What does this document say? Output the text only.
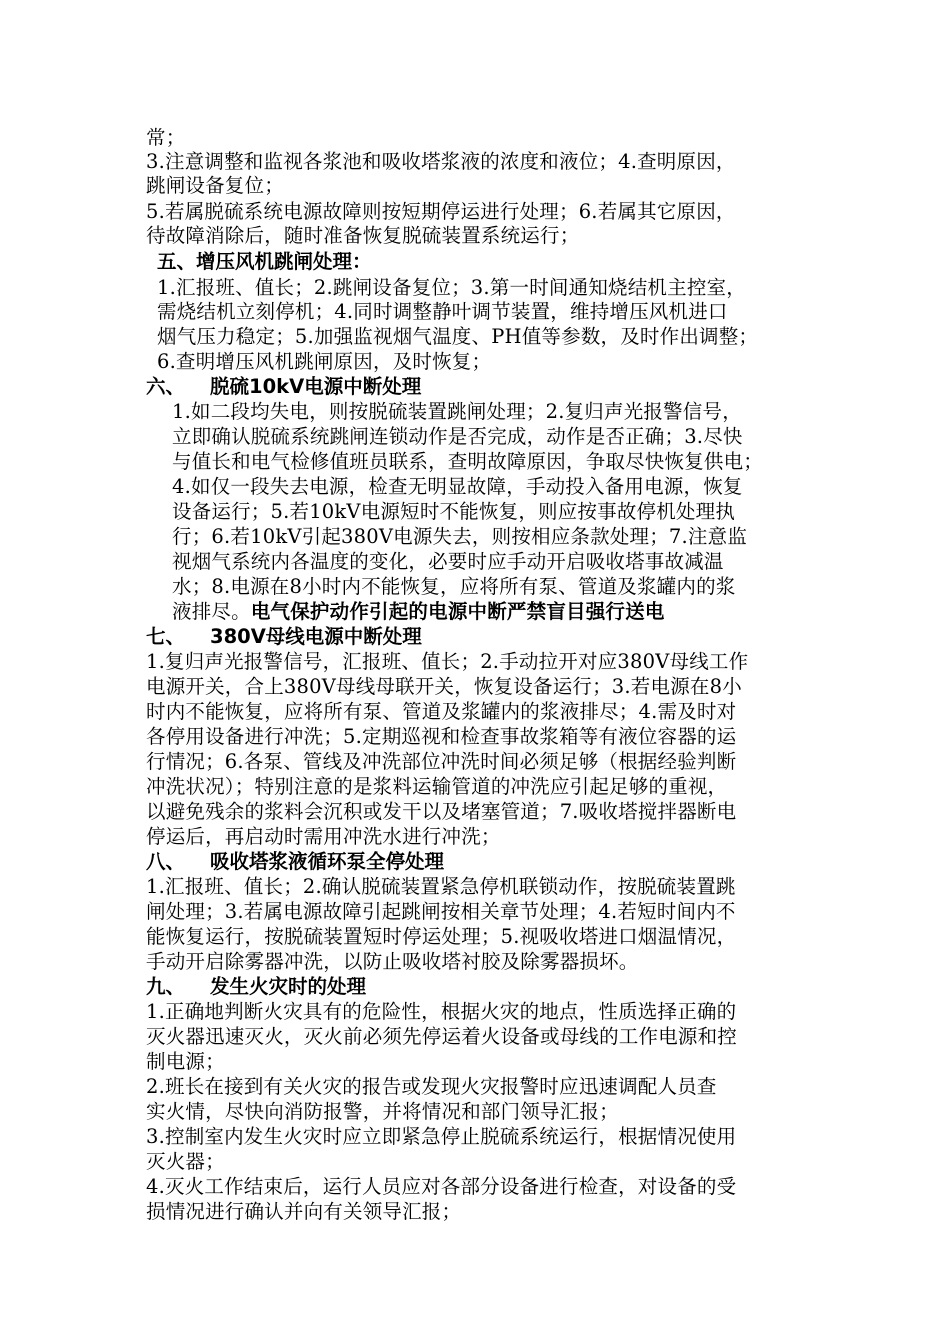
常；
3.注意调整和监视各浆池和吸收塔浆液的浓度和液位；4.查明原因，
跳闸设备复位；
5.若属脱硫系统电源故障则按短期停运进行处理；6.若属其它原因，
待故障消除后，随时准备恢复脱硫装置系统运行；
五、增压风机跳闸处理：
1.汇报班、值长；2.跳闸设备复位；3.第一时间通知烧结机主控室，
需烧结机立刻停机；4.同时调整静叶调节装置，维持增压风机进口
烟气压力稳定；5.加强监视烟气温度、PH值等参数，及时作出调整；
6.查明增压风机跳闸原因，及时恢复；
六、 脱硫10kV电源中断处理
1.如二段均失电，则按脱硫装置跳闸处理；2.复归声光报警信号，
立即确认脱硫系统跳闸连锁动作是否完成，动作是否正确；3.尽快
与值长和电气检修值班员联系，查明故障原因，争取尽快恢复供电；
4.如仅一段失去电源，检查无明显故障，手动投入备用电源，恢复
设备运行；5.若10kV电源短时不能恢复，则应按事故停机处理执
行；6.若10kV引起380V电源失去，则按相应条款处理；7.注意监
视烟气系统内各温度的变化，必要时应手动开启吸收塔事故减温
水；8.电源在8小时内不能恢复，应将所有泵、管道及浆罐内的浆
液排尽。电气保护动作引起的电源中断严禁盲目强行送电
七、 380V母线电源中断处理
1.复归声光报警信号，汇报班、值长；2.手动拉开对应380V母线工作
电源开关，合上380V母线母联开关，恢复设备运行；3.若电源在8小
时内不能恢复，应将所有泵、管道及浆罐内的浆液排尽；4.需及时对
各停用设备进行冲洗；5.定期巡视和检查事故浆箱等有液位容器的运
行情况；6.各泵、管线及冲洗部位冲洗时间必须足够（根据经验判断
冲洗状况）；特别注意的是浆料运输管道的冲洗应引起足够的重视，
以避免残余的浆料会沉积或发干以及堵塞管道；7.吸收塔搅拌器断电
停运后，再启动时需用冲洗水进行冲洗；
八、 吸收塔浆液循环泵全停处理
1.汇报班、值长；2.确认脱硫装置紧急停机联锁动作，按脱硫装置跳
闸处理；3.若属电源故障引起跳闸按相关章节处理；4.若短时间内不
能恢复运行，按脱硫装置短时停运处理；5.视吸收塔进口烟温情况，
手动开启除雾器冲洗，以防止吸收塔衬胶及除雾器损坏。
九、 发生火灾时的处理
1.正确地判断火灾具有的危险性，根据火灾的地点，性质选择正确的
灭火器迅速灭火，灭火前必须先停运着火设备或母线的工作电源和控
制电源；
2.班长在接到有关火灾的报告或发现火灾报警时应迅速调配人员查
实火情，尽快向消防报警，并将情况和部门领导汇报；
3.控制室内发生火灾时应立即紧急停止脱硫系统运行，根据情况使用
灭火器；
4.灭火工作结束后，运行人员应对各部分设备进行检查，对设备的受
损情况进行确认并向有关领导汇报；
